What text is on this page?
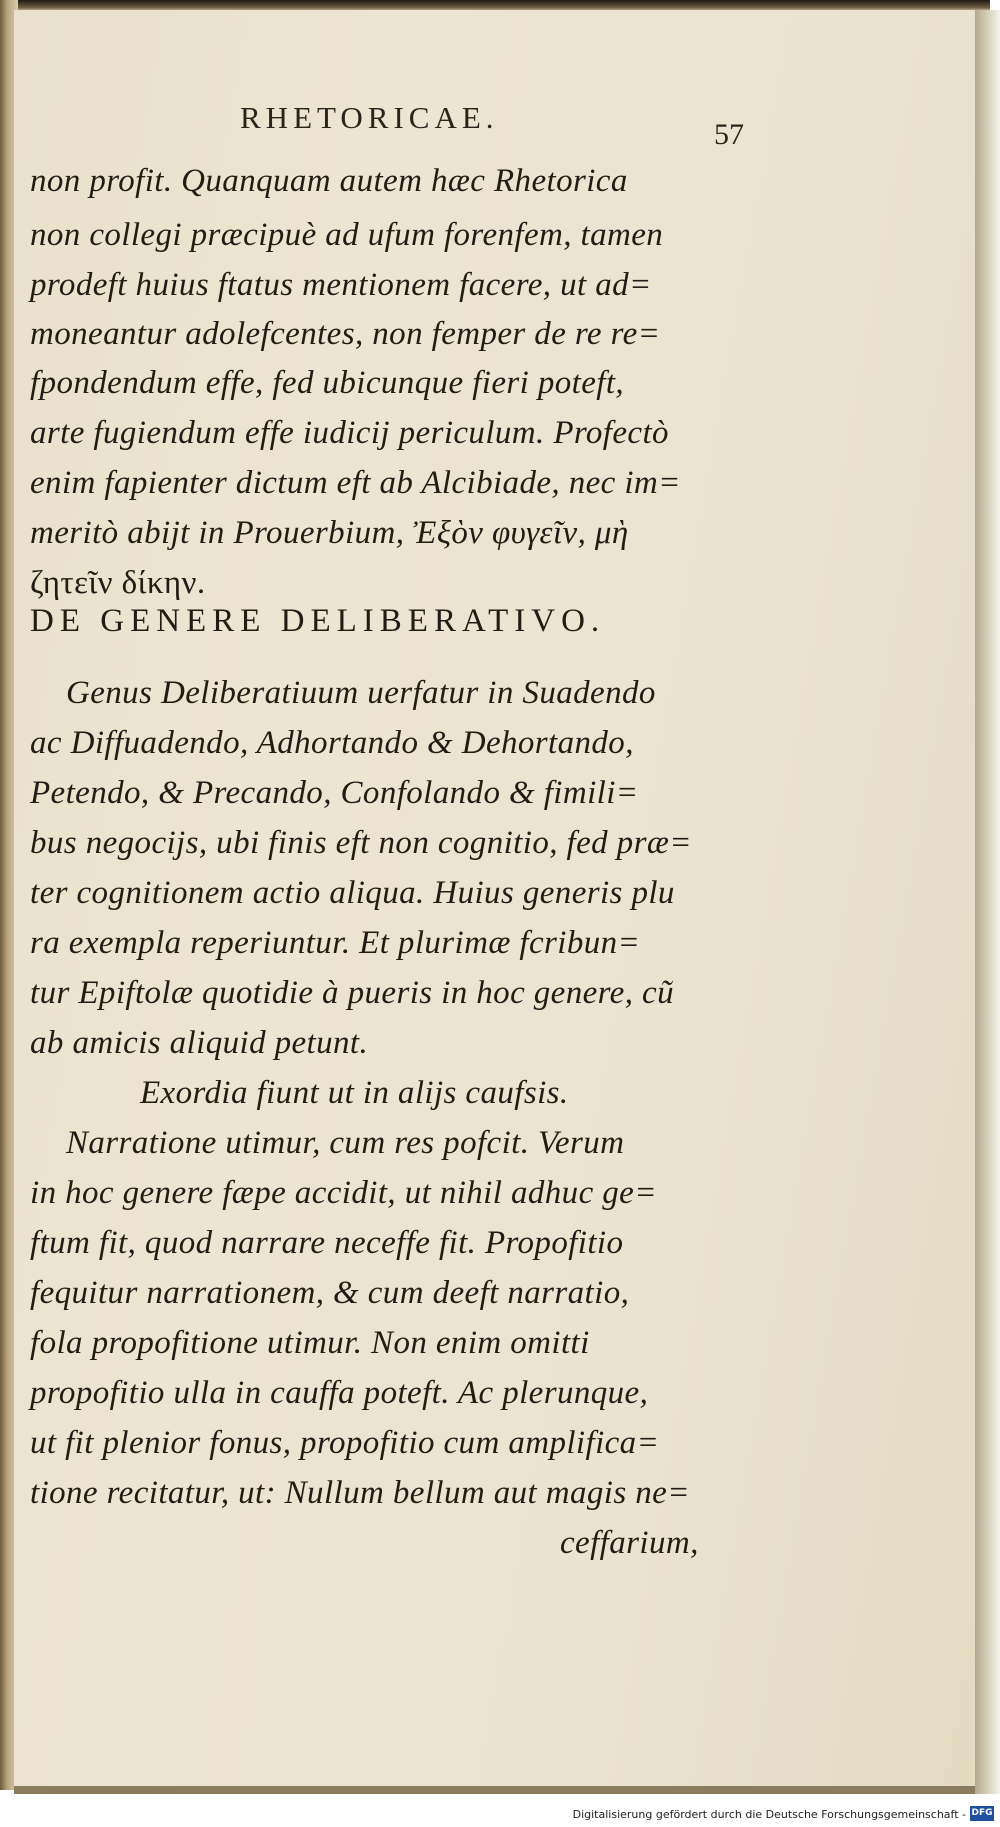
RHETORICAE.	57
non profit. Quanquam autem hæc Rhetorica
non collegi præcipuè ad ufum forenfem, tamen
prodeft huius ftatus mentionem facere, ut ad=
moneantur adolefcentes, non femper de re re=
fpondendum effe, fed ubicunque fieri poteft,
arte fugiendum effe iudicij periculum. Profectò
enim fapienter dictum eft ab Alcibiade, nec im=
meritò abijt in Prouerbium, Ἐξὸν φυγεῖν, μὴ
ζητεῖν δίκην.
DE GENERE DELIBERATIVO.
Genus Deliberatiuum uerfatur in Suadendo
ac Diffuadendo, Adhortando & Dehortando,
Petendo, & Precando, Confolando & fimili=
bus negocijs, ubi finis eft non cognitio, fed præ=
ter cognitionem actio aliqua. Huius generis plu
ra exempla reperiuntur. Et plurimæ fcribun=
tur Epiftolæ quotidie à pueris in hoc genere, cũ
ab amicis aliquid petunt.
Exordia fiunt ut in alijs caufsis.
Narratione utimur, cum res pofcit. Verum
in hoc genere fæpe accidit, ut nihil adhuc ge=
ftum fit, quod narrare neceffe fit. Propofitio
fequitur narrationem, & cum deeft narratio,
fola propofitione utimur. Non enim omitti
propofitio ulla in cauffa poteft. Ac plerunque,
ut fit plenior fonus, propofitio cum amplifica=
tione recitatur, ut: Nullum bellum aut magis ne=
ceffarium,
Digitalisierung gefördert durch die Deutsche Forschungsgemeinschaft - DFG
